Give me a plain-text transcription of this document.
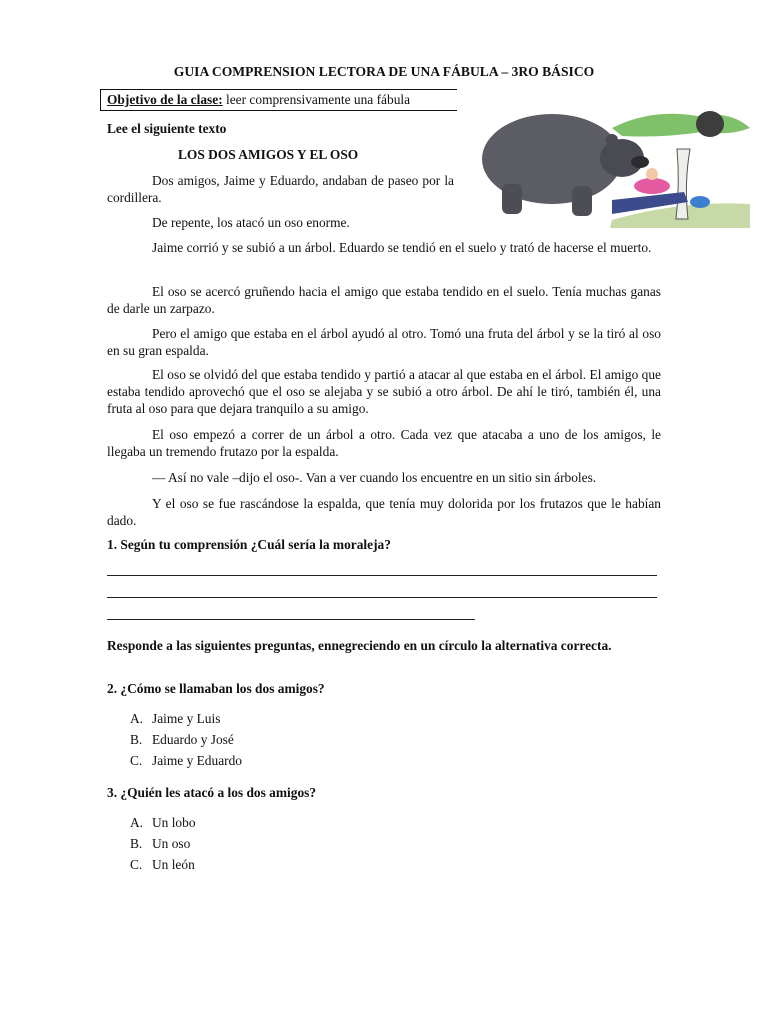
GUIA COMPRENSION LECTORA DE UNA FÁBULA – 3RO BÁSICO

Objetivo de la clase: leer comprensivamente una fábula

Lee el siguiente texto

LOS DOS AMIGOS Y EL OSO

Dos amigos, Jaime y Eduardo, andaban de paseo por la cordillera.

De repente, los atacó un oso enorme.

Jaime corrió y se subió a un árbol. Eduardo se tendió en el suelo y trató de hacerse el muerto.

El oso se acercó gruñendo hacia el amigo que estaba tendido en el suelo. Tenía muchas ganas de darle un zarpazo.

Pero el amigo que estaba en el árbol ayudó al otro. Tomó una fruta del árbol y se la tiró al oso en su gran espalda.

El oso se olvidó del que estaba tendido y partió a atacar al que estaba en el árbol. El amigo que estaba tendido aprovechó que el oso se alejaba y se subió a otro árbol. De ahí le tiró, también él, una fruta al oso para que dejara tranquilo a su amigo.

El oso empezó a correr de un árbol a otro. Cada vez que atacaba a uno de los amigos, le llegaba un tremendo frutazo por la espalda.

–– Así no vale –dijo el oso-. Van a ver cuando los encuentre en un sitio sin árboles.

Y el oso se fue rascándose la espalda, que tenía muy dolorida por los frutazos que le habían dado.

1. Según tu comprensión ¿Cuál sería la moraleja?

Responde a las siguientes preguntas, ennegreciendo en un círculo la alternativa correcta.

2. ¿Cómo se llamaban los dos amigos?

A. Jaime y Luis

B. Eduardo y José

C. Jaime y Eduardo

3. ¿Quién les atacó a los dos amigos?

A. Un lobo

B. Un oso

C. Un león
